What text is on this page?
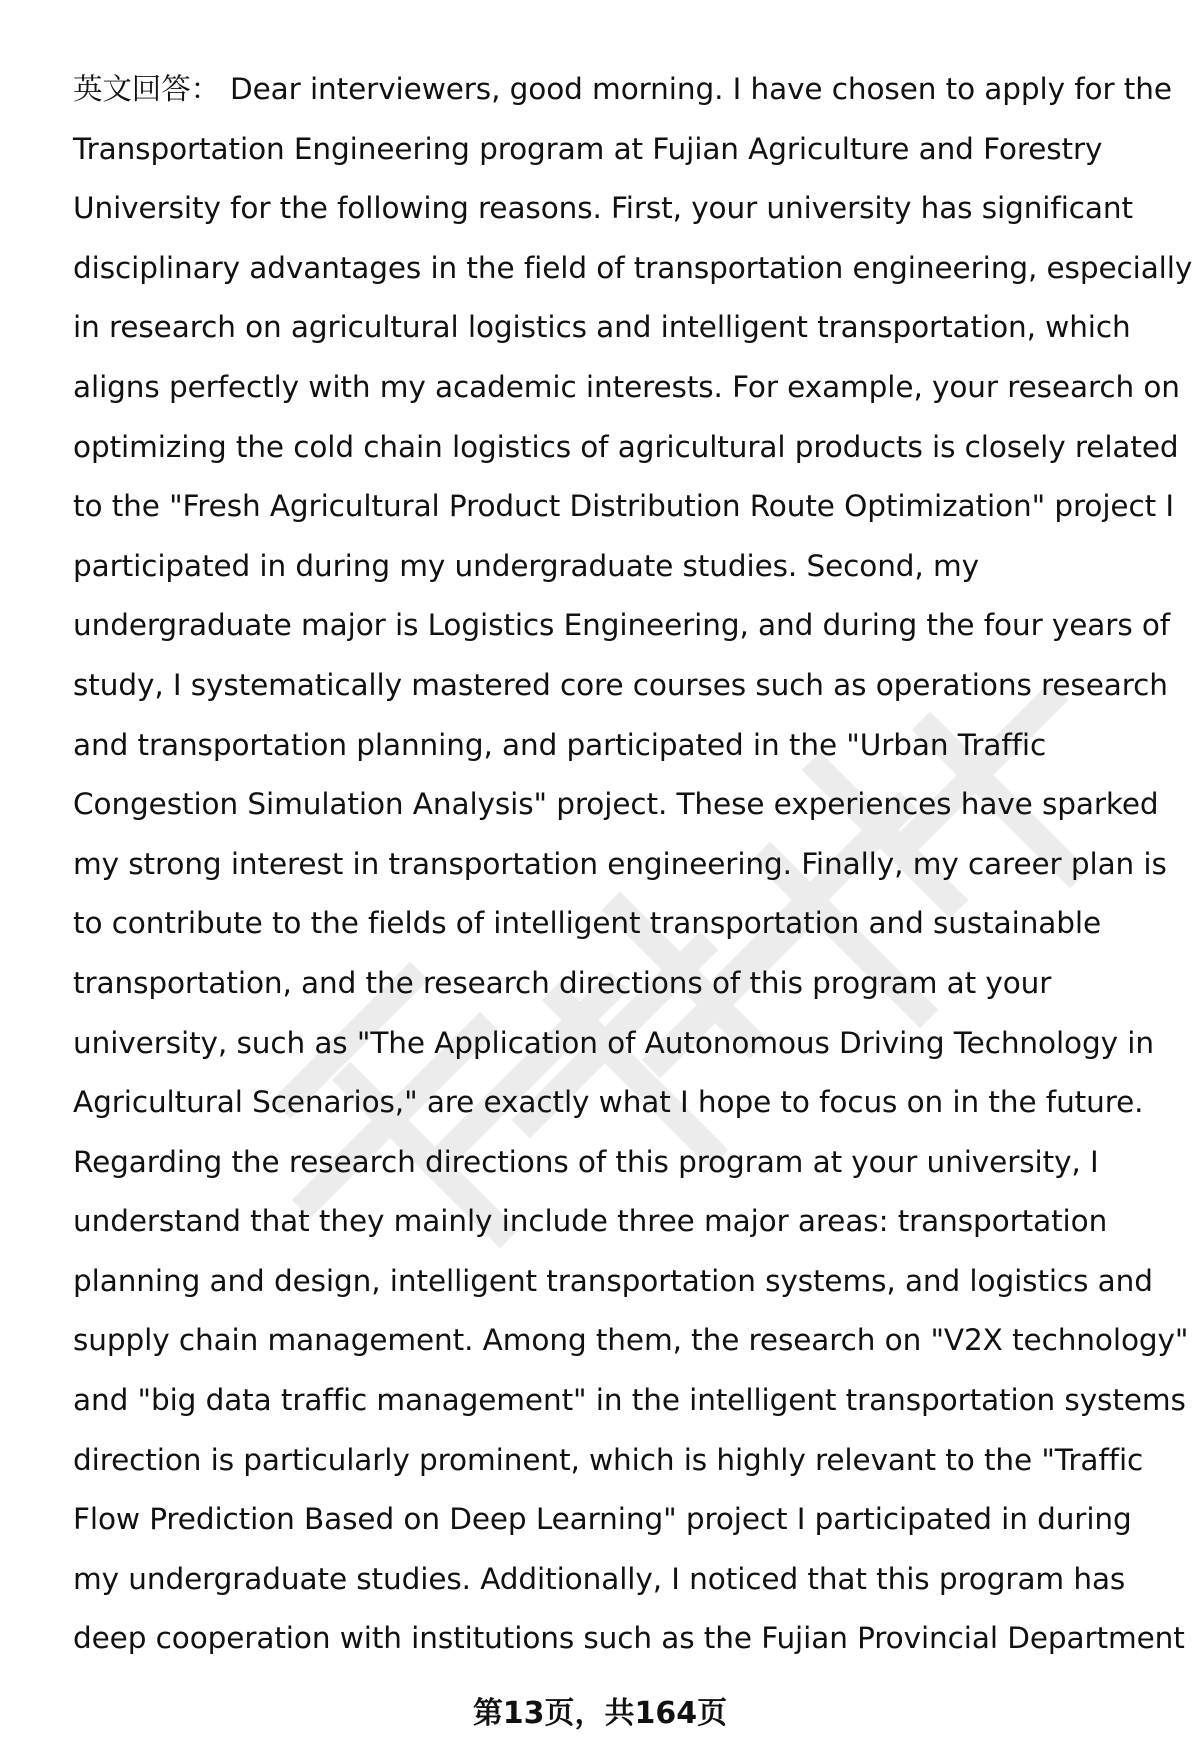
英文回答： Dear interviewers, good morning. I have chosen to apply for the
Transportation Engineering program at Fujian Agriculture and Forestry
University for the following reasons. First, your university has significant
disciplinary advantages in the field of transportation engineering, especially
in research on agricultural logistics and intelligent transportation, which
aligns perfectly with my academic interests. For example, your research on
optimizing the cold chain logistics of agricultural products is closely related
to the "Fresh Agricultural Product Distribution Route Optimization" project I
participated in during my undergraduate studies. Second, my
undergraduate major is Logistics Engineering, and during the four years of
study, I systematically mastered core courses such as operations research
and transportation planning, and participated in the "Urban Traffic
Congestion Simulation Analysis" project. These experiences have sparked
my strong interest in transportation engineering. Finally, my career plan is
to contribute to the fields of intelligent transportation and sustainable
transportation, and the research directions of this program at your
university, such as "The Application of Autonomous Driving Technology in
Agricultural Scenarios," are exactly what I hope to focus on in the future.
Regarding the research directions of this program at your university, I
understand that they mainly include three major areas: transportation
planning and design, intelligent transportation systems, and logistics and
supply chain management. Among them, the research on "V2X technology"
and "big data traffic management" in the intelligent transportation systems
direction is particularly prominent, which is highly relevant to the "Traffic
Flow Prediction Based on Deep Learning" project I participated in during
my undergraduate studies. Additionally, I noticed that this program has
deep cooperation with institutions such as the Fujian Provincial Department
第13页，共164页
